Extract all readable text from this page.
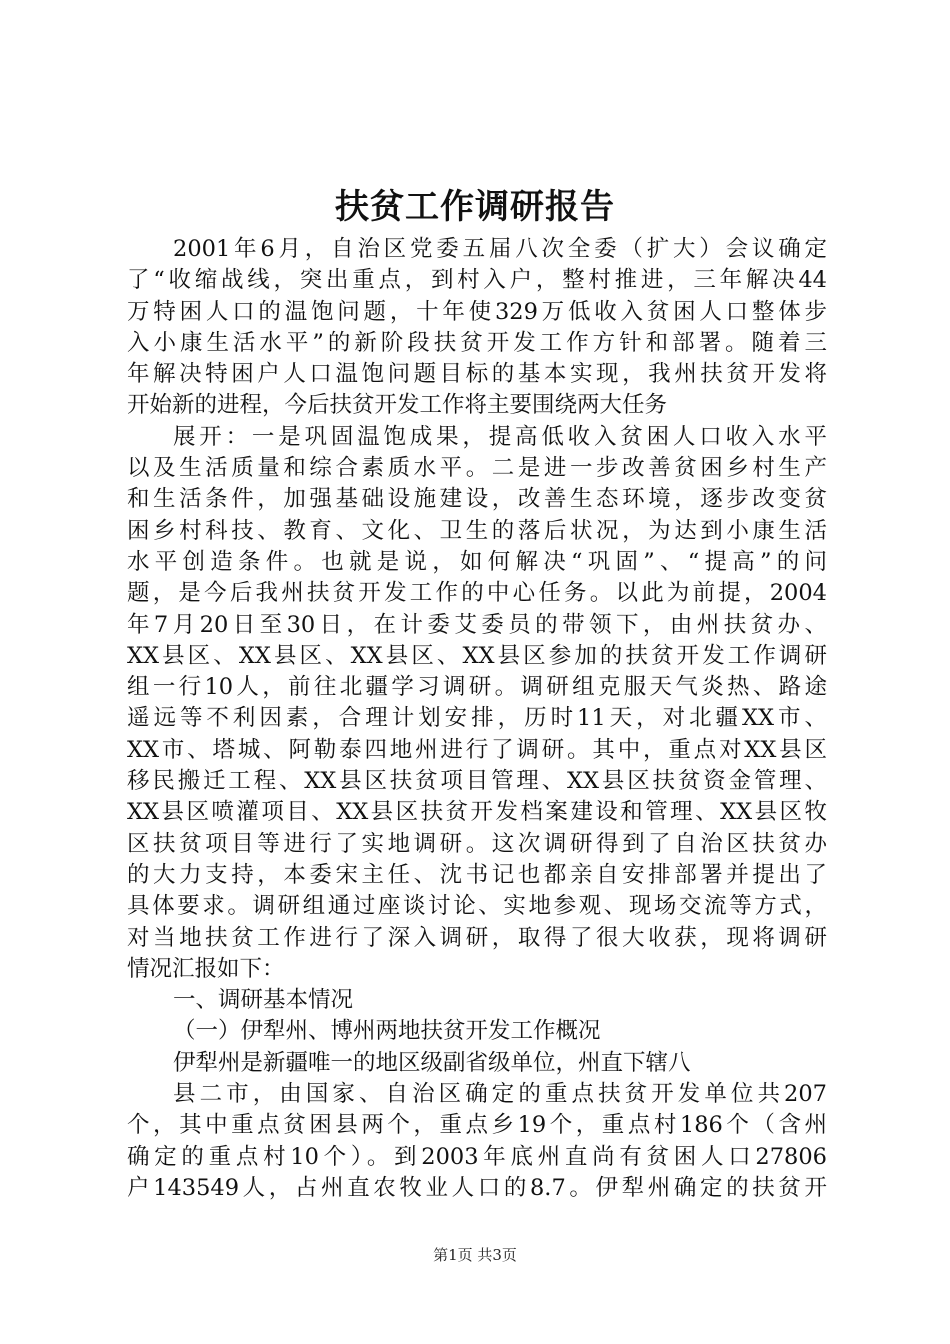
扶贫工作调研报告
2001年6月，自治区党委五届八次全委（扩大）会议确定
了“收缩战线，突出重点，到村入户，整村推进，三年解决44
万特困人口的温饱问题，十年使329万低收入贫困人口整体步
入小康生活水平”的新阶段扶贫开发工作方针和部署。随着三
年解决特困户人口温饱问题目标的基本实现，我州扶贫开发将
开始新的进程，今后扶贫开发工作将主要围绕两大任务
展开：一是巩固温饱成果，提高低收入贫困人口收入水平
以及生活质量和综合素质水平。二是进一步改善贫困乡村生产
和生活条件，加强基础设施建设，改善生态环境，逐步改变贫
困乡村科技、教育、文化、卫生的落后状况，为达到小康生活
水平创造条件。也就是说，如何解决“巩固”、“提高”的问
题，是今后我州扶贫开发工作的中心任务。以此为前提，2004
年7月20日至30日，在计委艾委员的带领下，由州扶贫办、
XX县区、XX县区、XX县区、XX县区参加的扶贫开发工作调研
组一行10人，前往北疆学习调研。调研组克服天气炎热、路途
遥远等不利因素，合理计划安排，历时11天，对北疆XX市、
XX市、塔城、阿勒泰四地州进行了调研。其中，重点对XX县区
移民搬迁工程、XX县区扶贫项目管理、XX县区扶贫资金管理、
XX县区喷灌项目、XX县区扶贫开发档案建设和管理、XX县区牧
区扶贫项目等进行了实地调研。这次调研得到了自治区扶贫办
的大力支持，本委宋主任、沈书记也都亲自安排部署并提出了
具体要求。调研组通过座谈讨论、实地参观、现场交流等方式，
对当地扶贫工作进行了深入调研，取得了很大收获，现将调研
情况汇报如下：
一、调研基本情况
（一）伊犁州、博州两地扶贫开发工作概况
伊犁州是新疆唯一的地区级副省级单位，州直下辖八
县二市，由国家、自治区确定的重点扶贫开发单位共207
个，其中重点贫困县两个，重点乡19个，重点村186个（含州
确定的重点村10个）。到2003年底州直尚有贫困人口27806
户143549人，占州直农牧业人口的8.7。伊犁州确定的扶贫开
第1页 共3页
